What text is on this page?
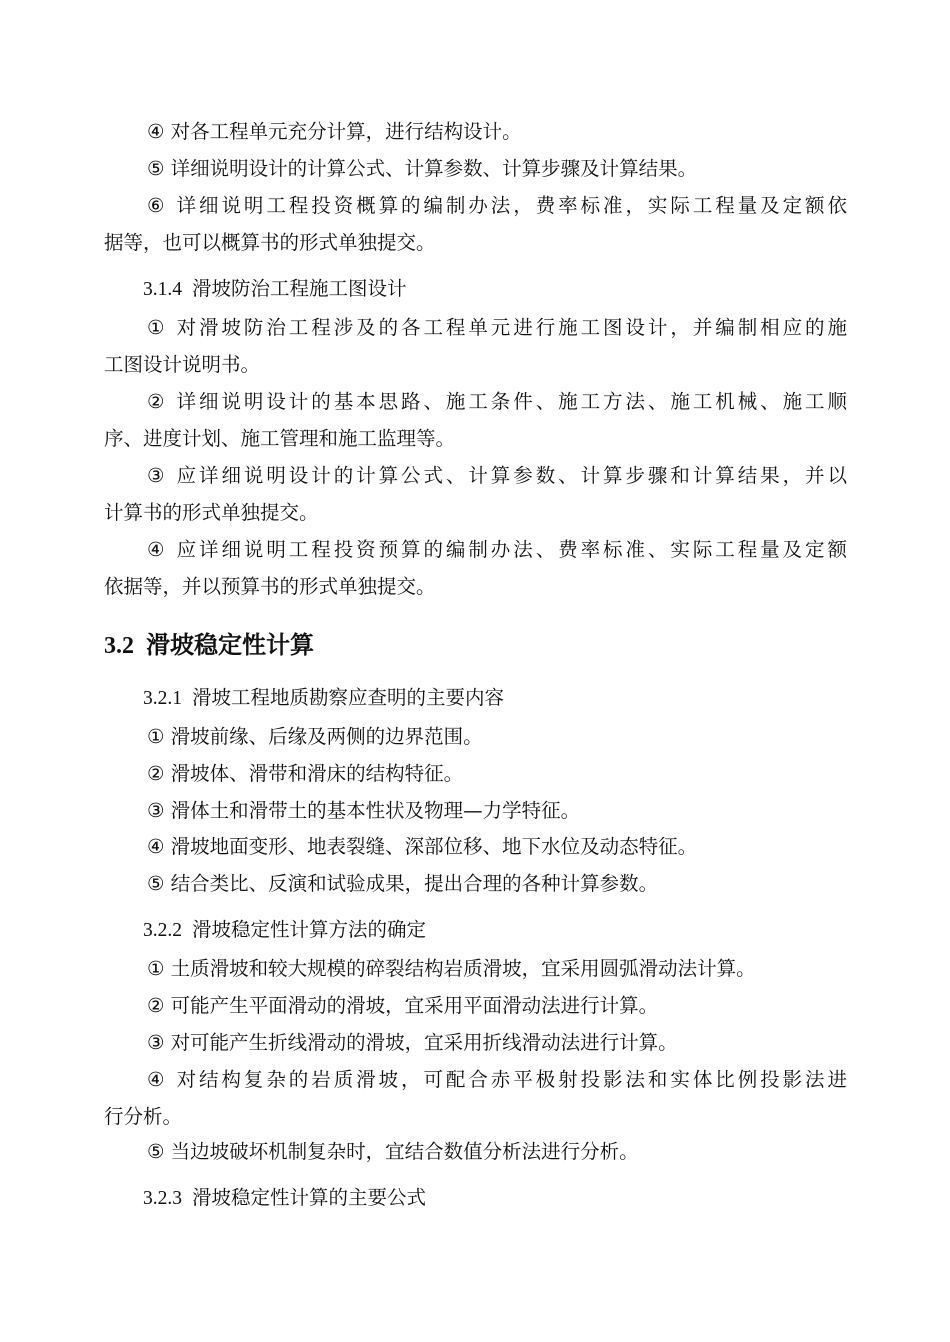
④ 对各工程单元充分计算，进行结构设计。
⑤ 详细说明设计的计算公式、计算参数、计算步骤及计算结果。
⑥ 详细说明工程投资概算的编制办法，费率标准，实际工程量及定额依
据等，也可以概算书的形式单独提交。
3.1.4 滑坡防治工程施工图设计
① 对滑坡防治工程涉及的各工程单元进行施工图设计，并编制相应的施
工图设计说明书。
② 详细说明设计的基本思路、施工条件、施工方法、施工机械、施工顺
序、进度计划、施工管理和施工监理等。
③ 应详细说明设计的计算公式、计算参数、计算步骤和计算结果，并以
计算书的形式单独提交。
④ 应详细说明工程投资预算的编制办法、费率标准、实际工程量及定额
依据等，并以预算书的形式单独提交。
3.2 滑坡稳定性计算
3.2.1 滑坡工程地质勘察应查明的主要内容
① 滑坡前缘、后缘及两侧的边界范围。
② 滑坡体、滑带和滑床的结构特征。
③ 滑体土和滑带土的基本性状及物理—力学特征。
④ 滑坡地面变形、地表裂缝、深部位移、地下水位及动态特征。
⑤ 结合类比、反演和试验成果，提出合理的各种计算参数。
3.2.2 滑坡稳定性计算方法的确定
① 土质滑坡和较大规模的碎裂结构岩质滑坡，宜采用圆弧滑动法计算。
② 可能产生平面滑动的滑坡，宜采用平面滑动法进行计算。
③ 对可能产生折线滑动的滑坡，宜采用折线滑动法进行计算。
④ 对结构复杂的岩质滑坡，可配合赤平极射投影法和实体比例投影法进
行分析。
⑤ 当边坡破坏机制复杂时，宜结合数值分析法进行分析。
3.2.3 滑坡稳定性计算的主要公式
